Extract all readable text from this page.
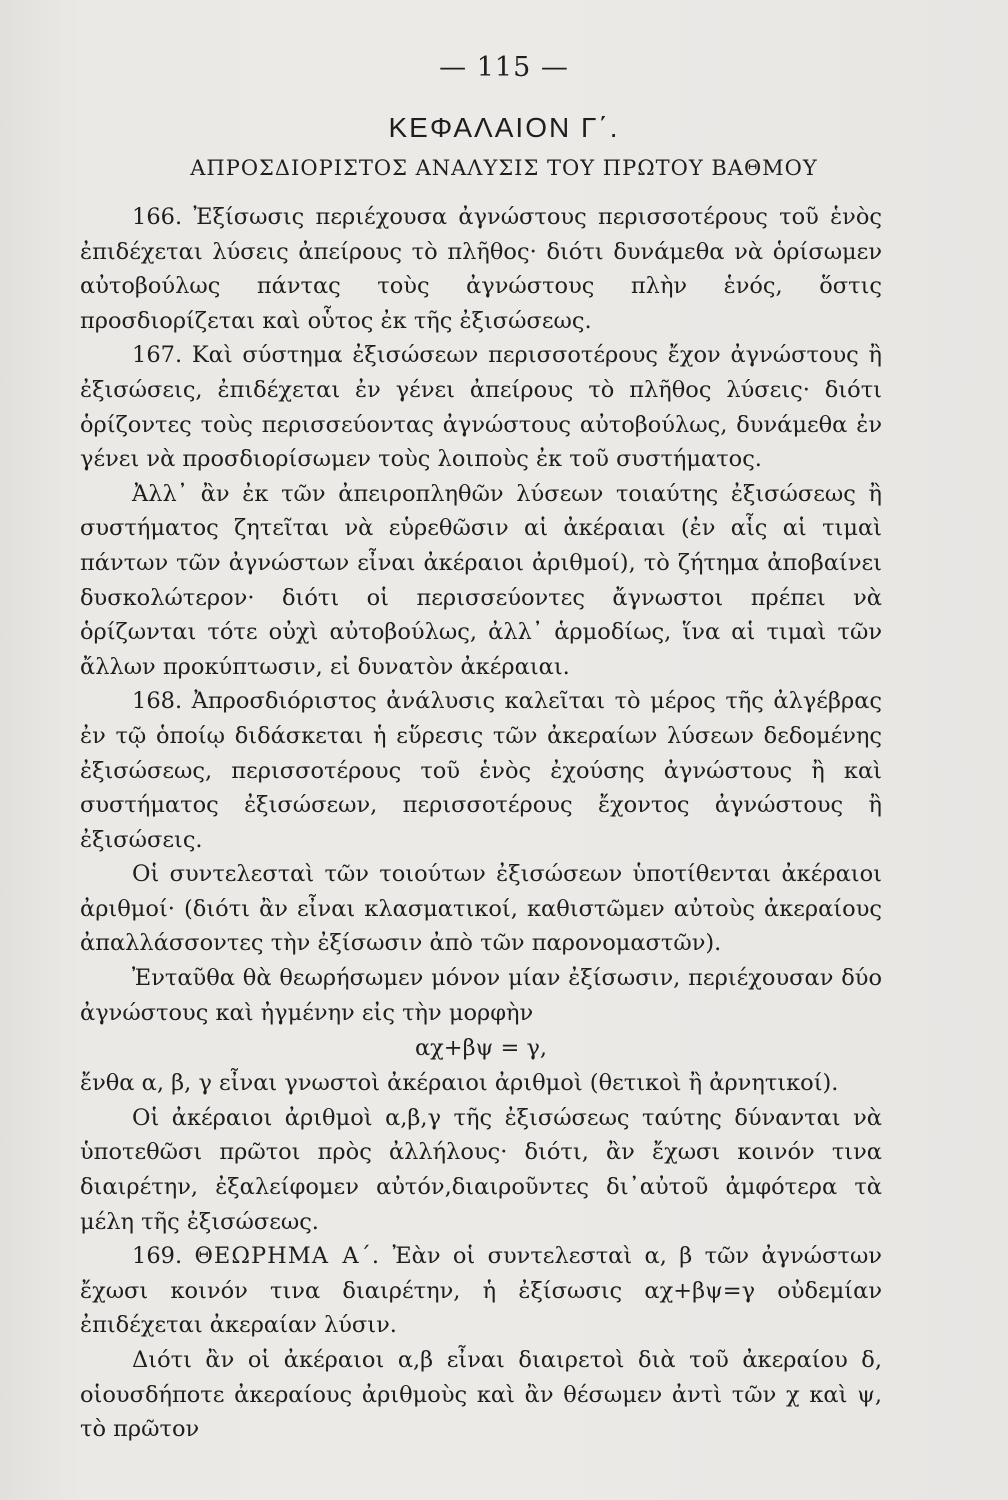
— 115 —
ΚΕΦΑΛΑΙΟΝ Γ΄.
ΑΠΡΟΣΔΙΟΡΙΣΤΟΣ ΑΝΑΛΥΣΙΣ ΤΟΥ ΠΡΩΤΟΥ ΒΑΘΜΟΥ

166. Ἐξίσωσις περιέχουσα ἀγνώστους περισσοτέρους τοῦ ἑνὸς ἐπιδέχεται λύσεις ἀπείρους τὸ πλῆθος· διότι δυνάμεθα νὰ ὁρίσωμεν αὐτοβούλως πάντας τοὺς ἀγνώστους πλὴν ἑνός, ὅστις προσδιορίζεται καὶ οὗτος ἐκ τῆς ἐξισώσεως.

167. Καὶ σύστημα ἐξισώσεων περισσοτέρους ἔχον ἀγνώστους ἢ ἐξισώσεις, ἐπιδέχεται ἐν γένει ἀπείρους τὸ πλῆθος λύσεις· διότι ὁρίζοντες τοὺς περισσεύοντας ἀγνώστους αὐτοβούλως, δυνάμεθα ἐν γένει νὰ προσδιορίσωμεν τοὺς λοιποὺς ἐκ τοῦ συστήματος.

Ἀλλ᾽ ἂν ἐκ τῶν ἀπειροπληθῶν λύσεων τοιαύτης ἐξισώσεως ἢ συστήματος ζητεῖται νὰ εὑρεθῶσιν αἱ ἀκέραιαι (ἐν αἷς αἱ τιμαὶ πάντων τῶν ἀγνώστων εἶναι ἀκέραιοι ἀριθμοί), τὸ ζήτημα ἀποβαίνει δυσκολώτερον· διότι οἱ περισσεύοντες ἄγνωστοι πρέπει νὰ ὁρίζωνται τότε οὐχὶ αὐτοβούλως, ἀλλ᾽ ἁρμοδίως, ἵνα αἱ τιμαὶ τῶν ἄλλων προκύπτωσιν, εἰ δυνατὸν ἀκέραιαι.

168. Ἀπροσδιόριστος ἀνάλυσις καλεῖται τὸ μέρος τῆς ἀλγέβρας ἐν τῷ ὁποίῳ διδάσκεται ἡ εὕρεσις τῶν ἀκεραίων λύσεων δεδομένης ἐξισώσεως, περισσοτέρους τοῦ ἑνὸς ἐχούσης ἀγνώστους ἢ καὶ συστήματος ἐξισώσεων, περισσοτέρους ἔχοντος ἀγνώστους ἢ ἐξισώσεις.

Οἱ συντελεσταὶ τῶν τοιούτων ἐξισώσεων ὑποτίθενται ἀκέραιοι ἀριθμοί· (διότι ἂν εἶναι κλασματικοί, καθιστῶμεν αὐτοὺς ἀκεραίους ἀπαλλάσσοντες τὴν ἐξίσωσιν ἀπὸ τῶν παρονομαστῶν).

Ἐνταῦθα θὰ θεωρήσωμεν μόνον μίαν ἐξίσωσιν, περιέχουσαν δύο ἀγνώστους καὶ ἠγμένην εἰς τὴν μορφὴν

αχ+βψ = γ,

ἔνθα α, β, γ εἶναι γνωστοὶ ἀκέραιοι ἀριθμοὶ (θετικοὶ ἢ ἀρνητικοί).

Οἱ ἀκέραιοι ἀριθμοὶ α,β,γ τῆς ἐξισώσεως ταύτης δύνανται νὰ ὑποτεθῶσι πρῶτοι πρὸς ἀλλήλους· διότι, ἂν ἔχωσι κοινόν τινα διαιρέτην, ἐξαλείφομεν αὐτόν,διαιροῦντες δι᾽αὐτοῦ ἀμφότερα τὰ μέλη τῆς ἐξισώσεως.

169. ΘΕΩΡΗΜΑ Α΄. Ἐὰν οἱ συντελεσταὶ α, β τῶν ἀγνώστων ἔχωσι κοινόν τινα διαιρέτην, ἡ ἐξίσωσις αχ+βψ=γ οὐδεμίαν ἐπιδέχεται ἀκεραίαν λύσιν.

Διότι ἂν οἱ ἀκέραιοι α,β εἶναι διαιρετοὶ διὰ τοῦ ἀκεραίου δ, οἱουσδήποτε ἀκεραίους ἀριθμοὺς καὶ ἂν θέσωμεν ἀντὶ τῶν χ καὶ ψ, τὸ πρῶτον
